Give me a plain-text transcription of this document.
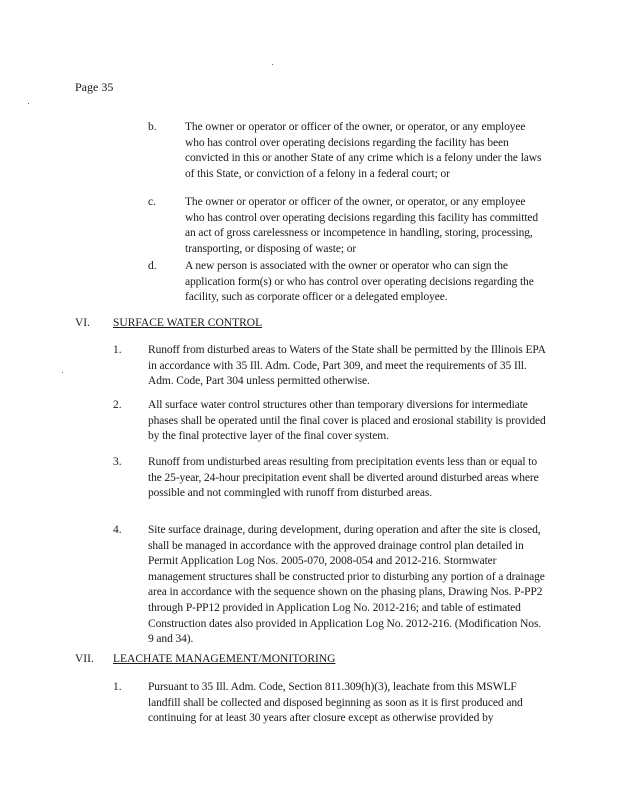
Page 35
b. The owner or operator or officer of the owner, or operator, or any employee who has control over operating decisions regarding the facility has been convicted in this or another State of any crime which is a felony under the laws of this State, or conviction of a felony in a federal court; or
c.	The owner or operator or officer of the owner, or operator, or any employee who has control over operating decisions regarding this facility has committed an act of gross carelessness or incompetence in handling, storing, processing, transporting, or disposing of waste; or
d. A new person is associated with the owner or operator who can sign the application form(s) or who has control over operating decisions regarding the facility, such as corporate officer or a delegated employee.
VI. SURFACE WATER CONTROL
1. Runoff from disturbed areas to Waters of the State shall be permitted by the Illinois EPA in accordance with 35 Ill. Adm. Code, Part 309, and meet the requirements of 35 Ill. Adm. Code, Part 304 unless permitted otherwise.
2. All surface water control structures other than temporary diversions for intermediate phases shall be operated until the final cover is placed and erosional stability is provided by the final protective layer of the final cover system.
3. Runoff from undisturbed areas resulting from precipitation events less than or equal to the 25-year, 24-hour precipitation event shall be diverted around disturbed areas where possible and not commingled with runoff from disturbed areas.
4. Site surface drainage, during development, during operation and after the site is closed, shall be managed in accordance with the approved drainage control plan detailed in Permit Application Log Nos. 2005-070, 2008-054 and 2012-216. Stormwater management structures shall be constructed prior to disturbing any portion of a drainage area in accordance with the sequence shown on the phasing plans, Drawing Nos. P-PP2 through P-PP12 provided in Application Log No. 2012-216; and table of estimated Construction dates also provided in Application Log No. 2012-216. (Modification Nos. 9 and 34).
VII. LEACHATE MANAGEMENT/MONITORING
1. Pursuant to 35 Ill. Adm. Code, Section 811.309(h)(3), leachate from this MSWLF landfill shall be collected and disposed beginning as soon as it is first produced and continuing for at least 30 years after closure except as otherwise provided by
